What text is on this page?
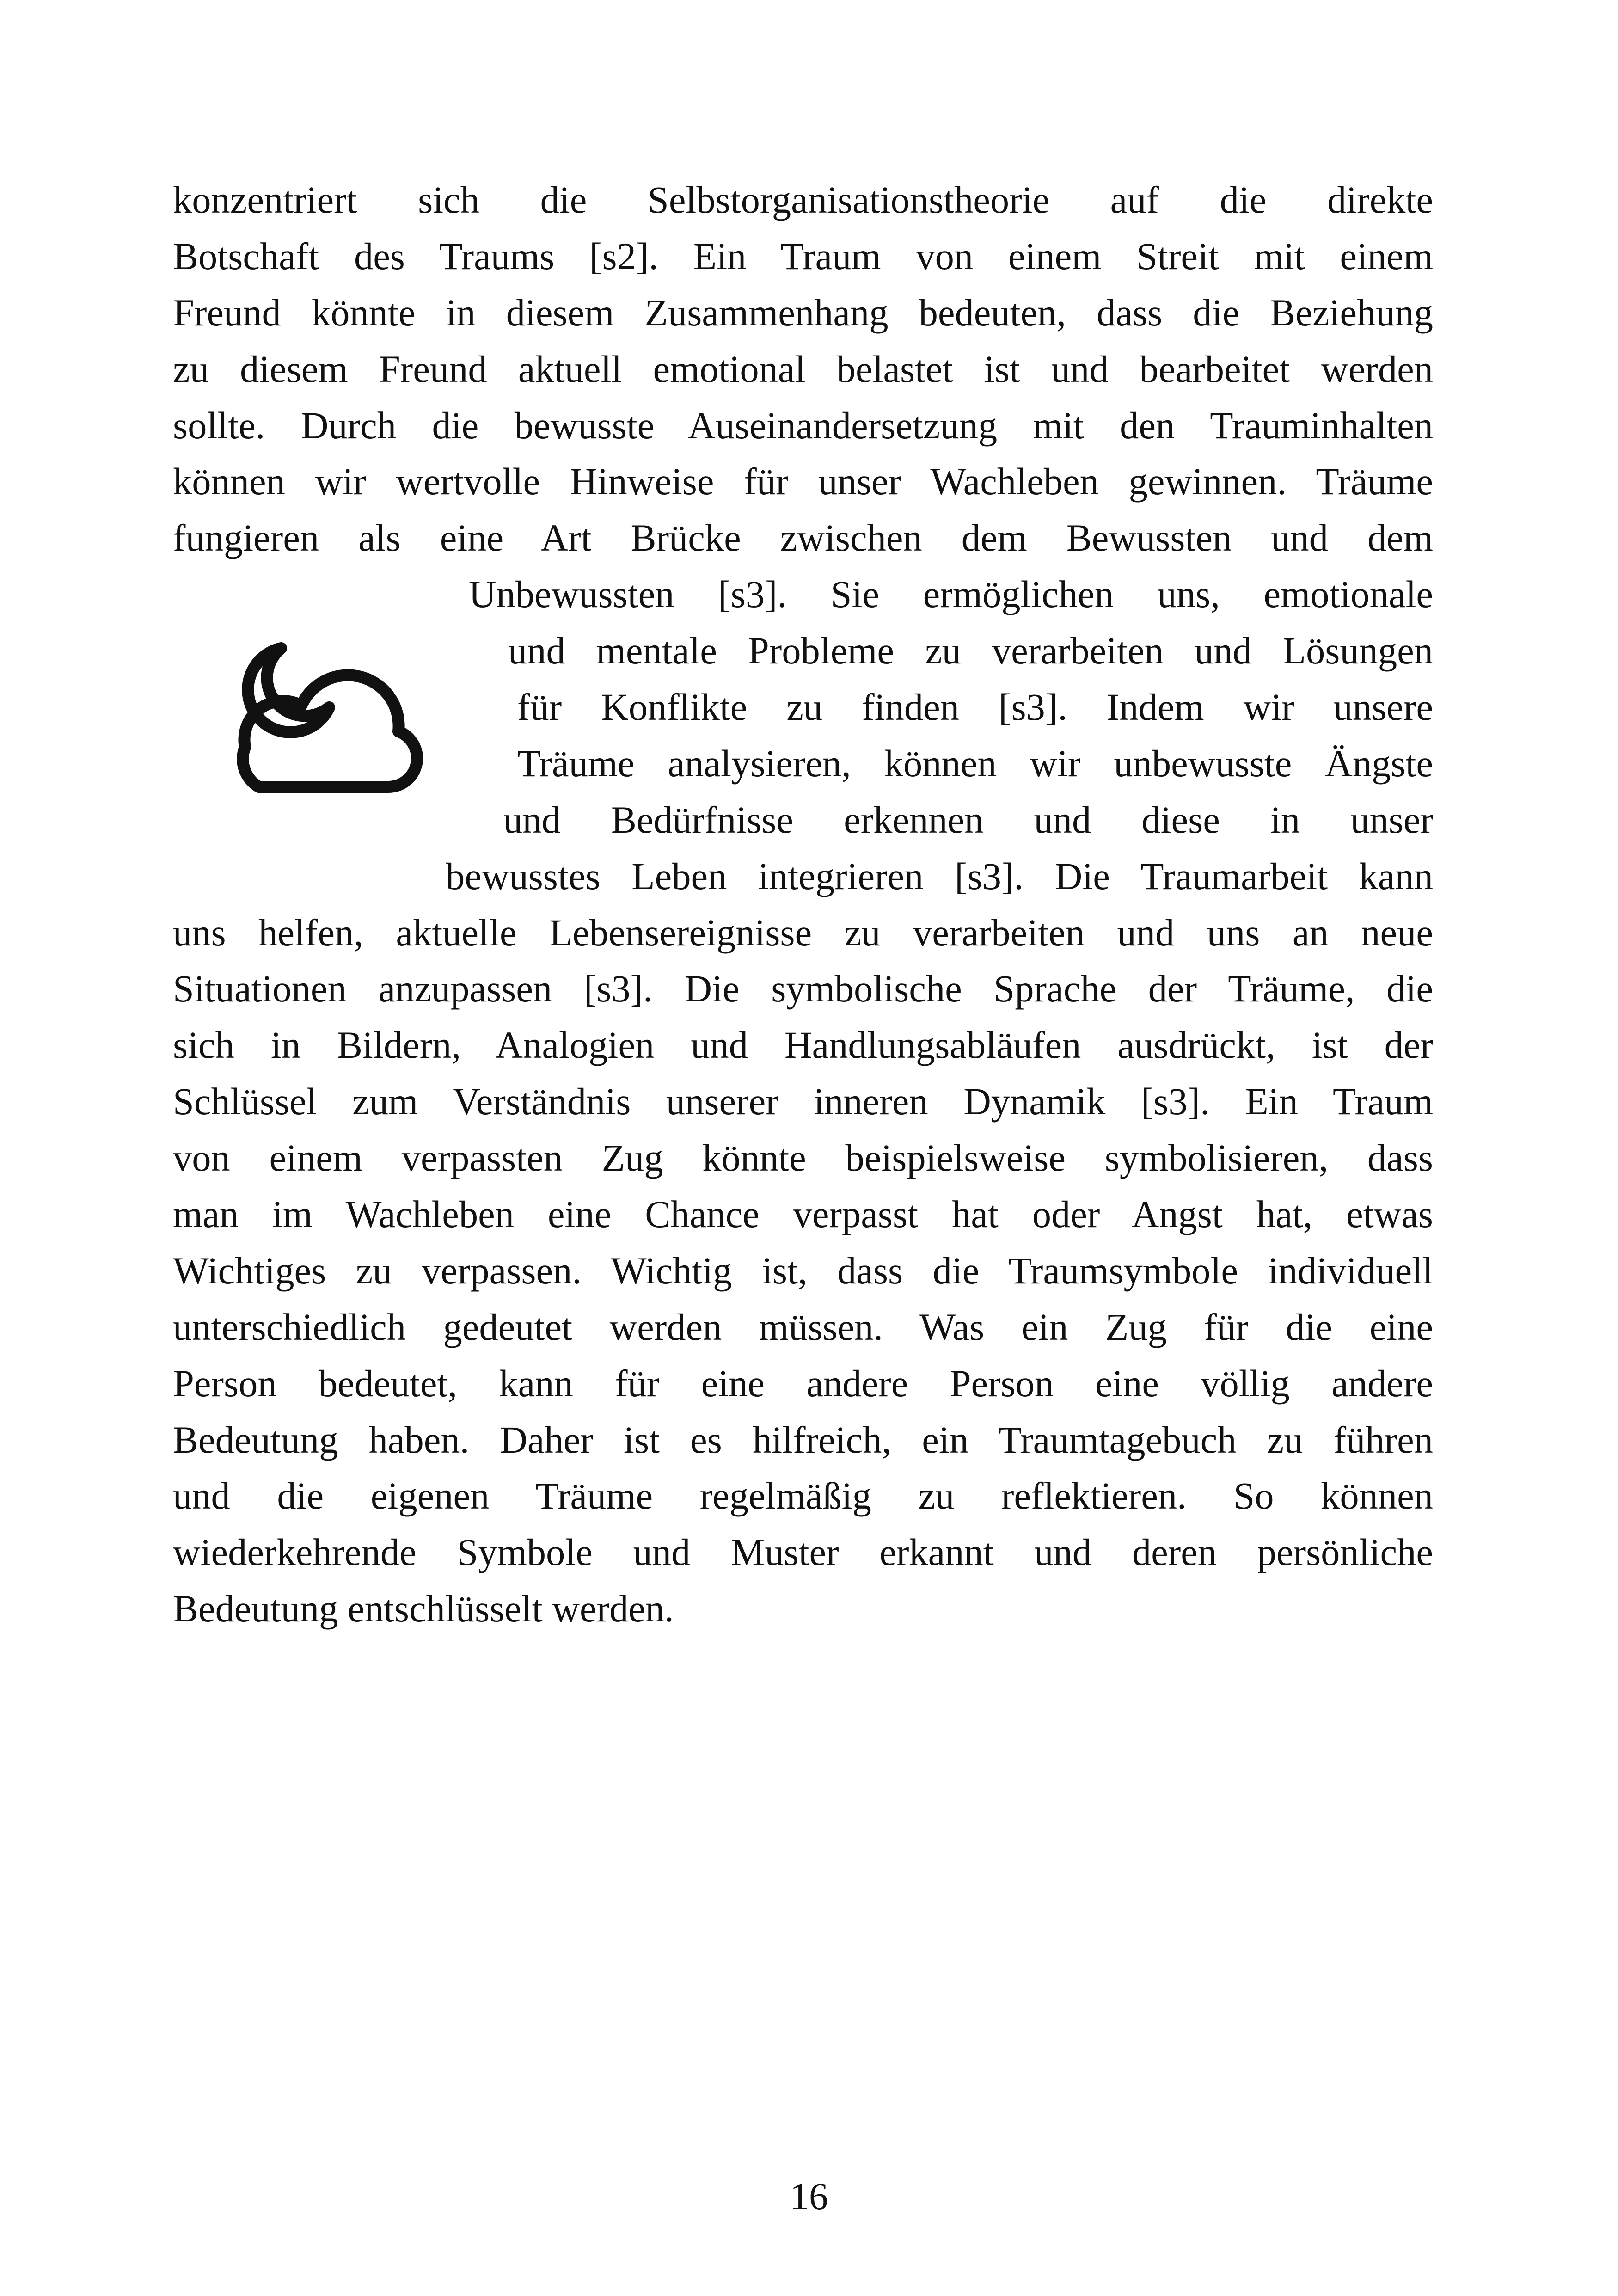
konzentriert sich die Selbstorganisationstheorie auf die direkte
Botschaft des Traums [s2]. Ein Traum von einem Streit mit einem
Freund könnte in diesem Zusammenhang bedeuten, dass die Beziehung
zu diesem Freund aktuell emotional belastet ist und bearbeitet werden
sollte. Durch die bewusste Auseinandersetzung mit den Trauminhalten
können wir wertvolle Hinweise für unser Wachleben gewinnen. Träume
fungieren als eine Art Brücke zwischen dem Bewussten und dem
Unbewussten [s3]. Sie ermöglichen uns, emotionale
und mentale Probleme zu verarbeiten und Lösungen
für Konflikte zu finden [s3]. Indem wir unsere
Träume analysieren, können wir unbewusste Ängste
und Bedürfnisse erkennen und diese in unser
bewusstes Leben integrieren [s3]. Die Traumarbeit kann
uns helfen, aktuelle Lebensereignisse zu verarbeiten und uns an neue
Situationen anzupassen [s3]. Die symbolische Sprache der Träume, die
sich in Bildern, Analogien und Handlungsabläufen ausdrückt, ist der
Schlüssel zum Verständnis unserer inneren Dynamik [s3]. Ein Traum
von einem verpassten Zug könnte beispielsweise symbolisieren, dass
man im Wachleben eine Chance verpasst hat oder Angst hat, etwas
Wichtiges zu verpassen. Wichtig ist, dass die Traumsymbole individuell
unterschiedlich gedeutet werden müssen. Was ein Zug für die eine
Person bedeutet, kann für eine andere Person eine völlig andere
Bedeutung haben. Daher ist es hilfreich, ein Traumtagebuch zu führen
und die eigenen Träume regelmäßig zu reflektieren. So können
wiederkehrende Symbole und Muster erkannt und deren persönliche
Bedeutung entschlüsselt werden.
16
